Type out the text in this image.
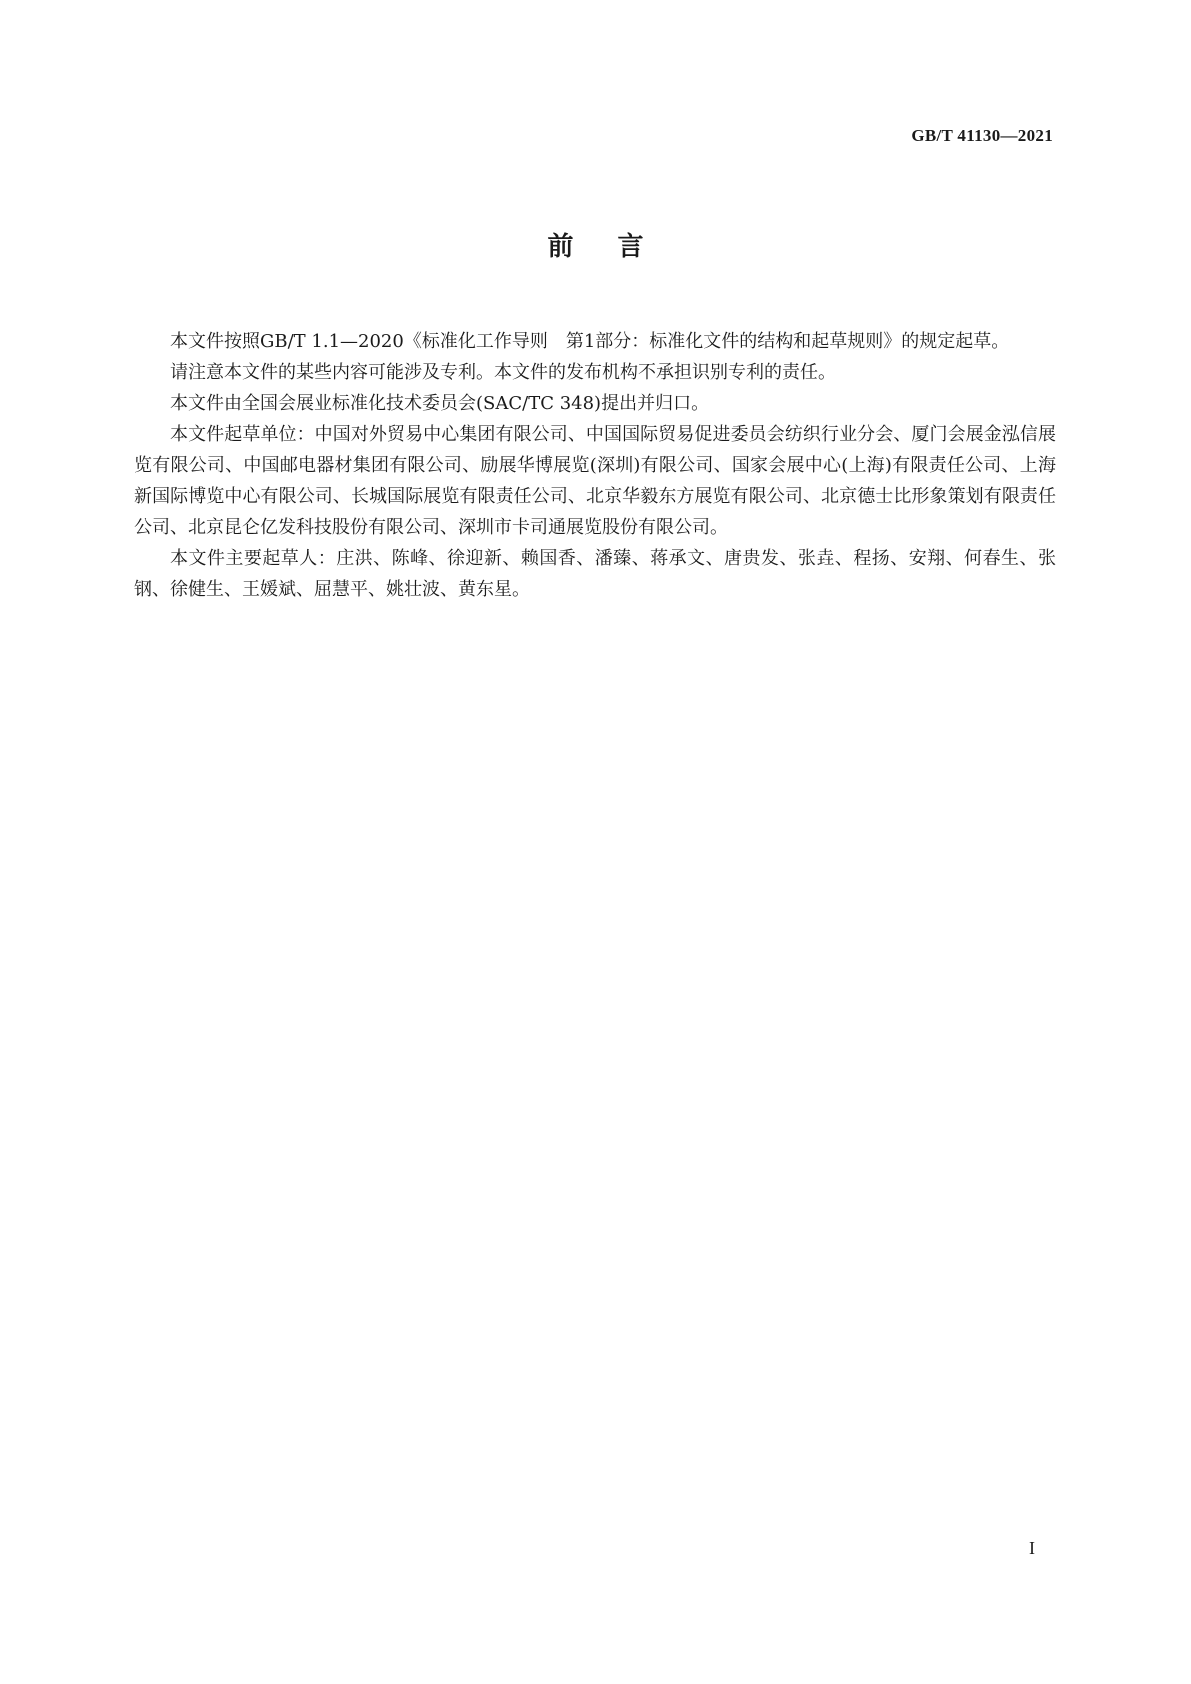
GB/T 41130—2021
前言

本文件按照GB/T 1.1—2020《标准化工作导则　第1部分：标准化文件的结构和起草规则》的规定起草。

请注意本文件的某些内容可能涉及专利。本文件的发布机构不承担识别专利的责任。

本文件由全国会展业标准化技术委员会(SAC/TC 348)提出并归口。

本文件起草单位：中国对外贸易中心集团有限公司、中国国际贸易促进委员会纺织行业分会、厦门会展金泓信展览有限公司、中国邮电器材集团有限公司、励展华博展览(深圳)有限公司、国家会展中心(上海)有限责任公司、上海新国际博览中心有限公司、长城国际展览有限责任公司、北京华毅东方展览有限公司、北京德士比形象策划有限责任公司、北京昆仑亿发科技股份有限公司、深圳市卡司通展览股份有限公司。

本文件主要起草人：庄洪、陈峰、徐迎新、赖国香、潘臻、蒋承文、唐贵发、张垚、程扬、安翔、何春生、张钢、徐健生、王媛斌、屈慧平、姚壮波、黄东星。

I
